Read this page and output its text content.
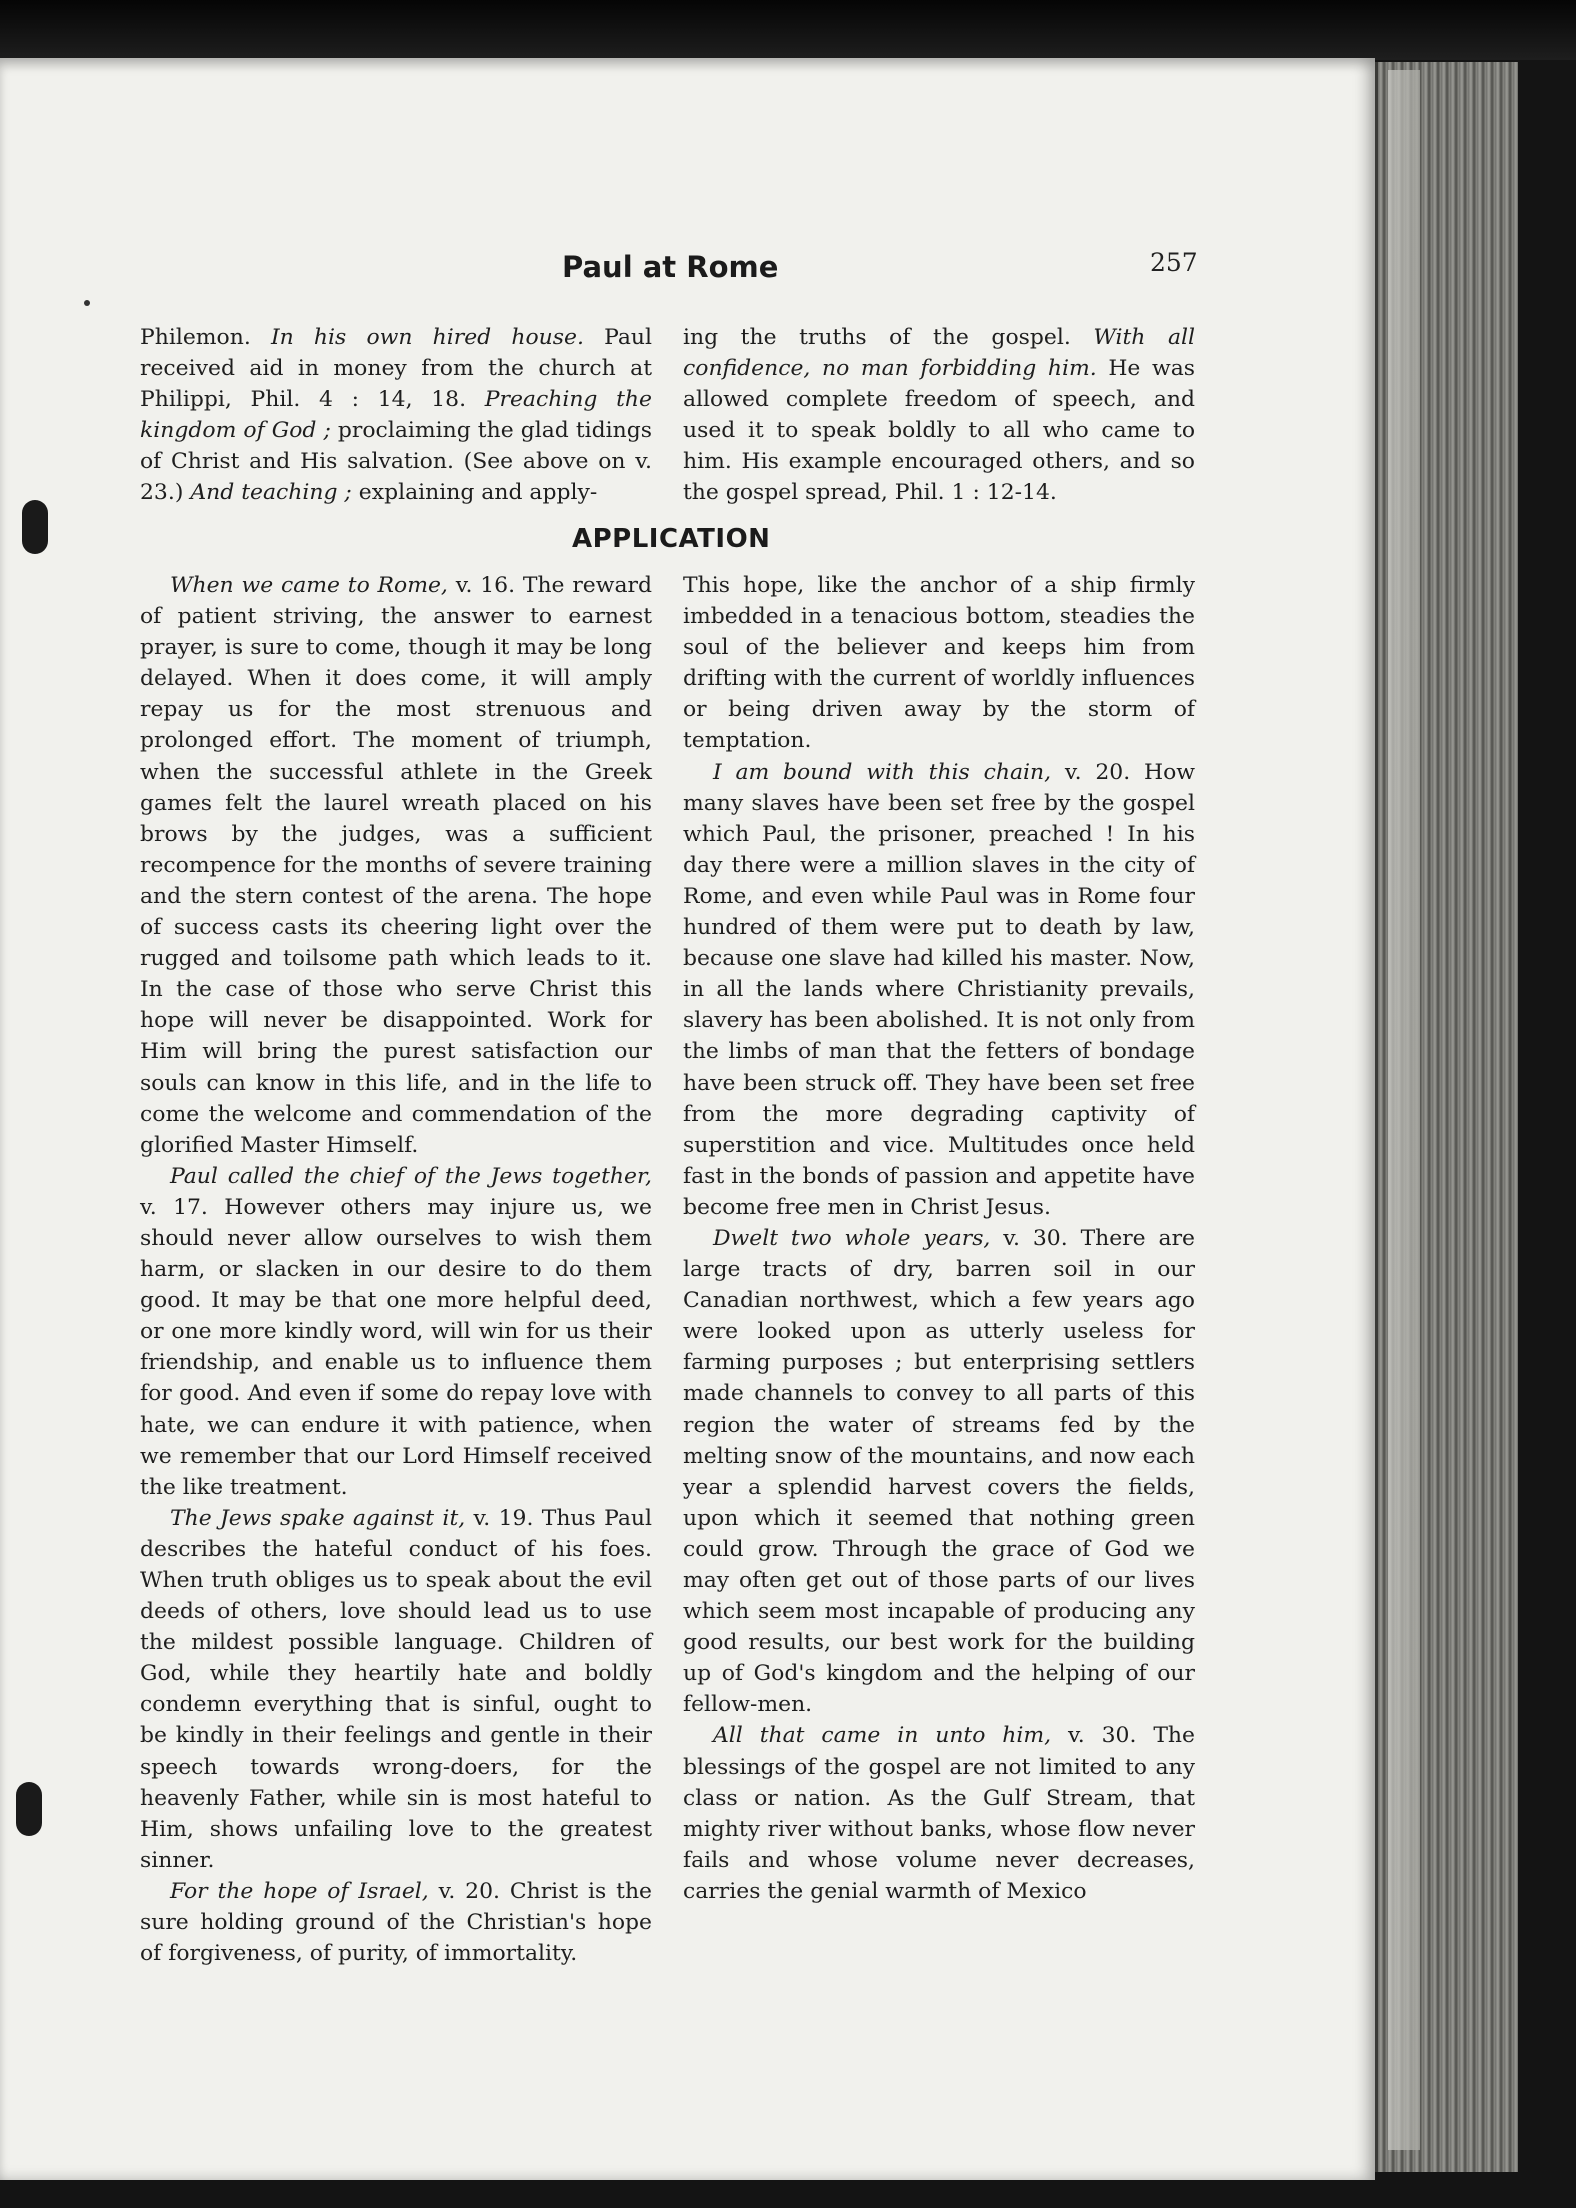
Paul at Rome	257

Philemon. In his own hired house. Paul received aid in money from the church at Philippi, Phil. 4 : 14, 18. Preaching the kingdom of God ; proclaiming the glad tidings of Christ and His salvation. (See above on v. 23.) And teaching ; explaining and apply-

ing the truths of the gospel. With all confidence, no man forbidding him. He was allowed complete freedom of speech, and used it to speak boldly to all who came to him. His example encouraged others, and so the gospel spread, Phil. 1 : 12-14.

APPLICATION

When we came to Rome, v. 16. The reward of patient striving, the answer to earnest prayer, is sure to come, though it may be long delayed. When it does come, it will amply repay us for the most strenuous and prolonged effort. The moment of triumph, when the successful athlete in the Greek games felt the laurel wreath placed on his brows by the judges, was a sufficient recompence for the months of severe training and the stern contest of the arena. The hope of success casts its cheering light over the rugged and toilsome path which leads to it. In the case of those who serve Christ this hope will never be disappointed. Work for Him will bring the purest satisfaction our souls can know in this life, and in the life to come the welcome and commendation of the glorified Master Himself.

Paul called the chief of the Jews together, v. 17. However others may injure us, we should never allow ourselves to wish them harm, or slacken in our desire to do them good. It may be that one more helpful deed, or one more kindly word, will win for us their friendship, and enable us to influence them for good. And even if some do repay love with hate, we can endure it with patience, when we remember that our Lord Himself received the like treatment.

The Jews spake against it, v. 19. Thus Paul describes the hateful conduct of his foes. When truth obliges us to speak about the evil deeds of others, love should lead us to use the mildest possible language. Children of God, while they heartily hate and boldly condemn everything that is sinful, ought to be kindly in their feelings and gentle in their speech towards wrong-doers, for the heavenly Father, while sin is most hateful to Him, shows unfailing love to the greatest sinner.

For the hope of Israel, v. 20. Christ is the sure holding ground of the Christian's hope of forgiveness, of purity, of immortality.

This hope, like the anchor of a ship firmly imbedded in a tenacious bottom, steadies the soul of the believer and keeps him from drifting with the current of worldly influences or being driven away by the storm of temptation.

I am bound with this chain, v. 20. How many slaves have been set free by the gospel which Paul, the prisoner, preached ! In his day there were a million slaves in the city of Rome, and even while Paul was in Rome four hundred of them were put to death by law, because one slave had killed his master. Now, in all the lands where Christianity prevails, slavery has been abolished. It is not only from the limbs of man that the fetters of bondage have been struck off. They have been set free from the more degrading captivity of superstition and vice. Multitudes once held fast in the bonds of passion and appetite have become free men in Christ Jesus.

Dwelt two whole years, v. 30. There are large tracts of dry, barren soil in our Canadian northwest, which a few years ago were looked upon as utterly useless for farming purposes ; but enterprising settlers made channels to convey to all parts of this region the water of streams fed by the melting snow of the mountains, and now each year a splendid harvest covers the fields, upon which it seemed that nothing green could grow. Through the grace of God we may often get out of those parts of our lives which seem most incapable of producing any good results, our best work for the building up of God's kingdom and the helping of our fellow-men.

All that came in unto him, v. 30. The blessings of the gospel are not limited to any class or nation. As the Gulf Stream, that mighty river without banks, whose flow never fails and whose volume never decreases, carries the genial warmth of Mexico
